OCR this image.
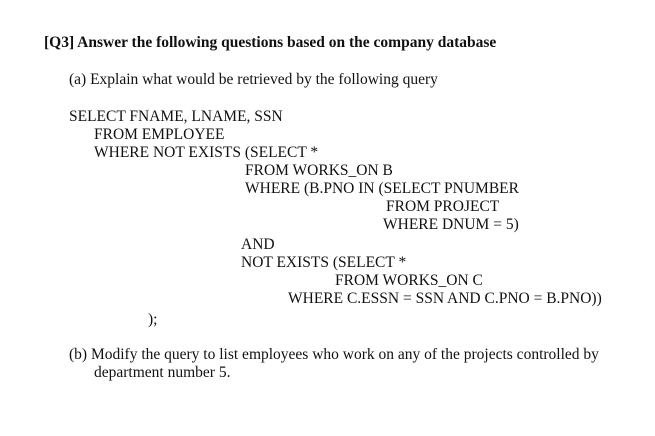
[Q3] Answer the following questions based on the company database
(a) Explain what would be retrieved by the following query
SELECT FNAME, LNAME, SSN
FROM EMPLOYEE
WHERE NOT EXISTS (SELECT *
FROM WORKS_ON B
WHERE (B.PNO IN (SELECT PNUMBER
FROM PROJECT
WHERE DNUM = 5)
AND
NOT EXISTS (SELECT *
FROM WORKS_ON C
WHERE C.ESSN = SSN AND C.PNO = B.PNO))
);
(b) Modify the query to list employees who work on any of the projects controlled by
department number 5.
